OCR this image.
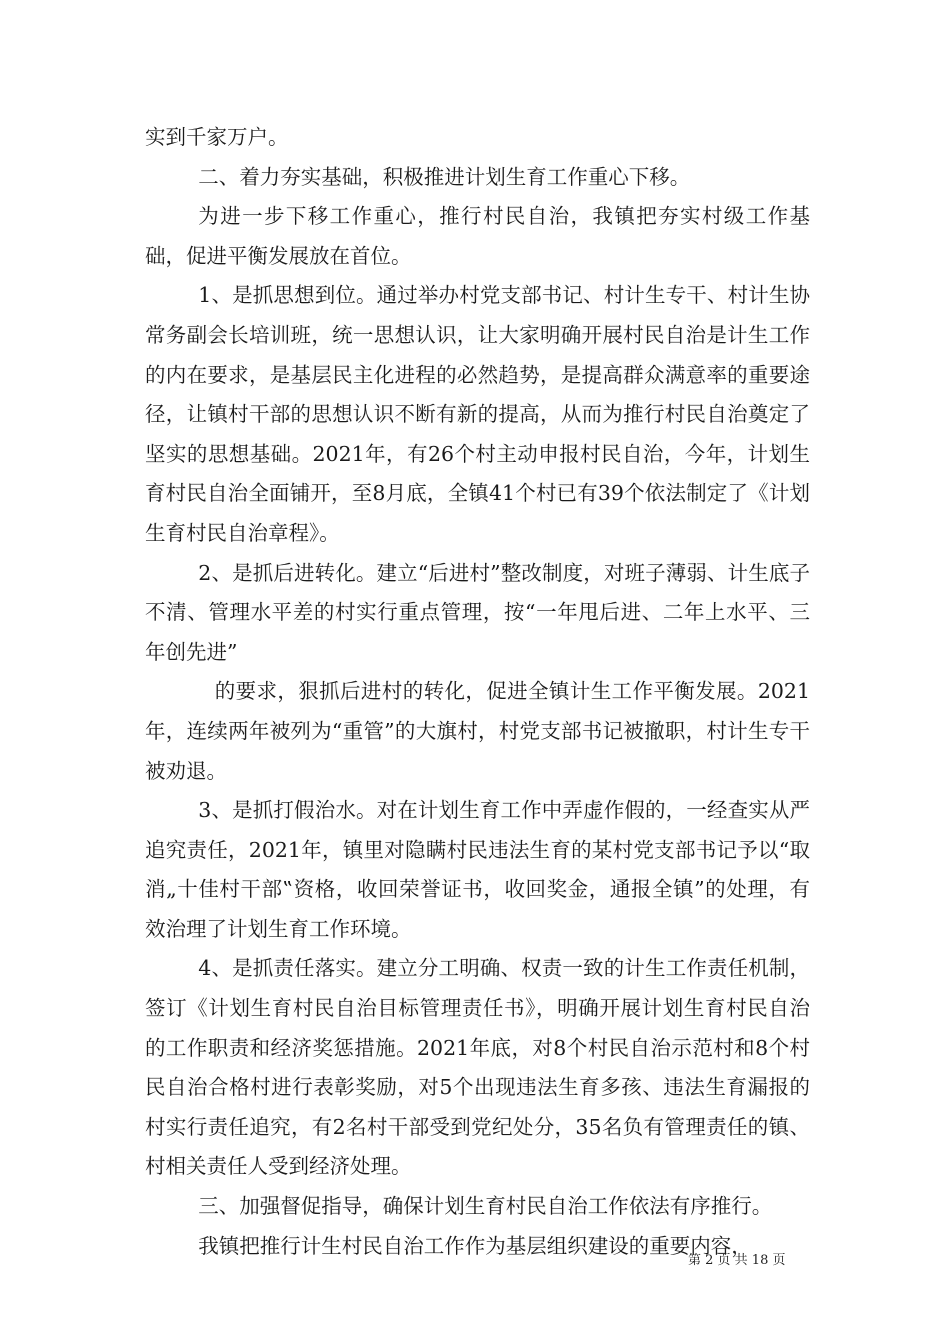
实到千家万户。

二、着力夯实基础，积极推进计划生育工作重心下移。

为进一步下移工作重心，推行村民自治，我镇把夯实村级工作基础，促进平衡发展放在首位。

1、是抓思想到位。通过举办村党支部书记、村计生专干、村计生协常务副会长培训班，统一思想认识，让大家明确开展村民自治是计生工作的内在要求，是基层民主化进程的必然趋势，是提高群众满意率的重要途径，让镇村干部的思想认识不断有新的提高，从而为推行村民自治奠定了坚实的思想基础。2021年，有26个村主动申报村民自治，今年，计划生育村民自治全面铺开，至8月底，全镇41个村已有39个依法制定了《计划生育村民自治章程》。

2、是抓后进转化。建立“后进村”整改制度，对班子薄弱、计生底子不清、管理水平差的村实行重点管理，按“一年甩后进、二年上水平、三年创先进”

的要求，狠抓后进村的转化，促进全镇计生工作平衡发展。2021年，连续两年被列为“重管”的大旗村，村党支部书记被撤职，村计生专干被劝退。

3、是抓打假治水。对在计划生育工作中弄虚作假的，一经查实从严追究责任，2021年，镇里对隐瞒村民违法生育的某村党支部书记予以“取消„十佳村干部‟资格，收回荣誉证书，收回奖金，通报全镇”的处理，有效治理了计划生育工作环境。

4、是抓责任落实。建立分工明确、权责一致的计生工作责任机制，签订《计划生育村民自治目标管理责任书》，明确开展计划生育村民自治的工作职责和经济奖惩措施。2021年底，对8个村民自治示范村和8个村民自治合格村进行表彰奖励，对5个出现违法生育多孩、违法生育漏报的村实行责任追究，有2名村干部受到党纪处分，35名负有管理责任的镇、村相关责任人受到经济处理。

三、加强督促指导，确保计划生育村民自治工作依法有序推行。

我镇把推行计生村民自治工作作为基层组织建设的重要内容，

第 2 页 共 18 页
